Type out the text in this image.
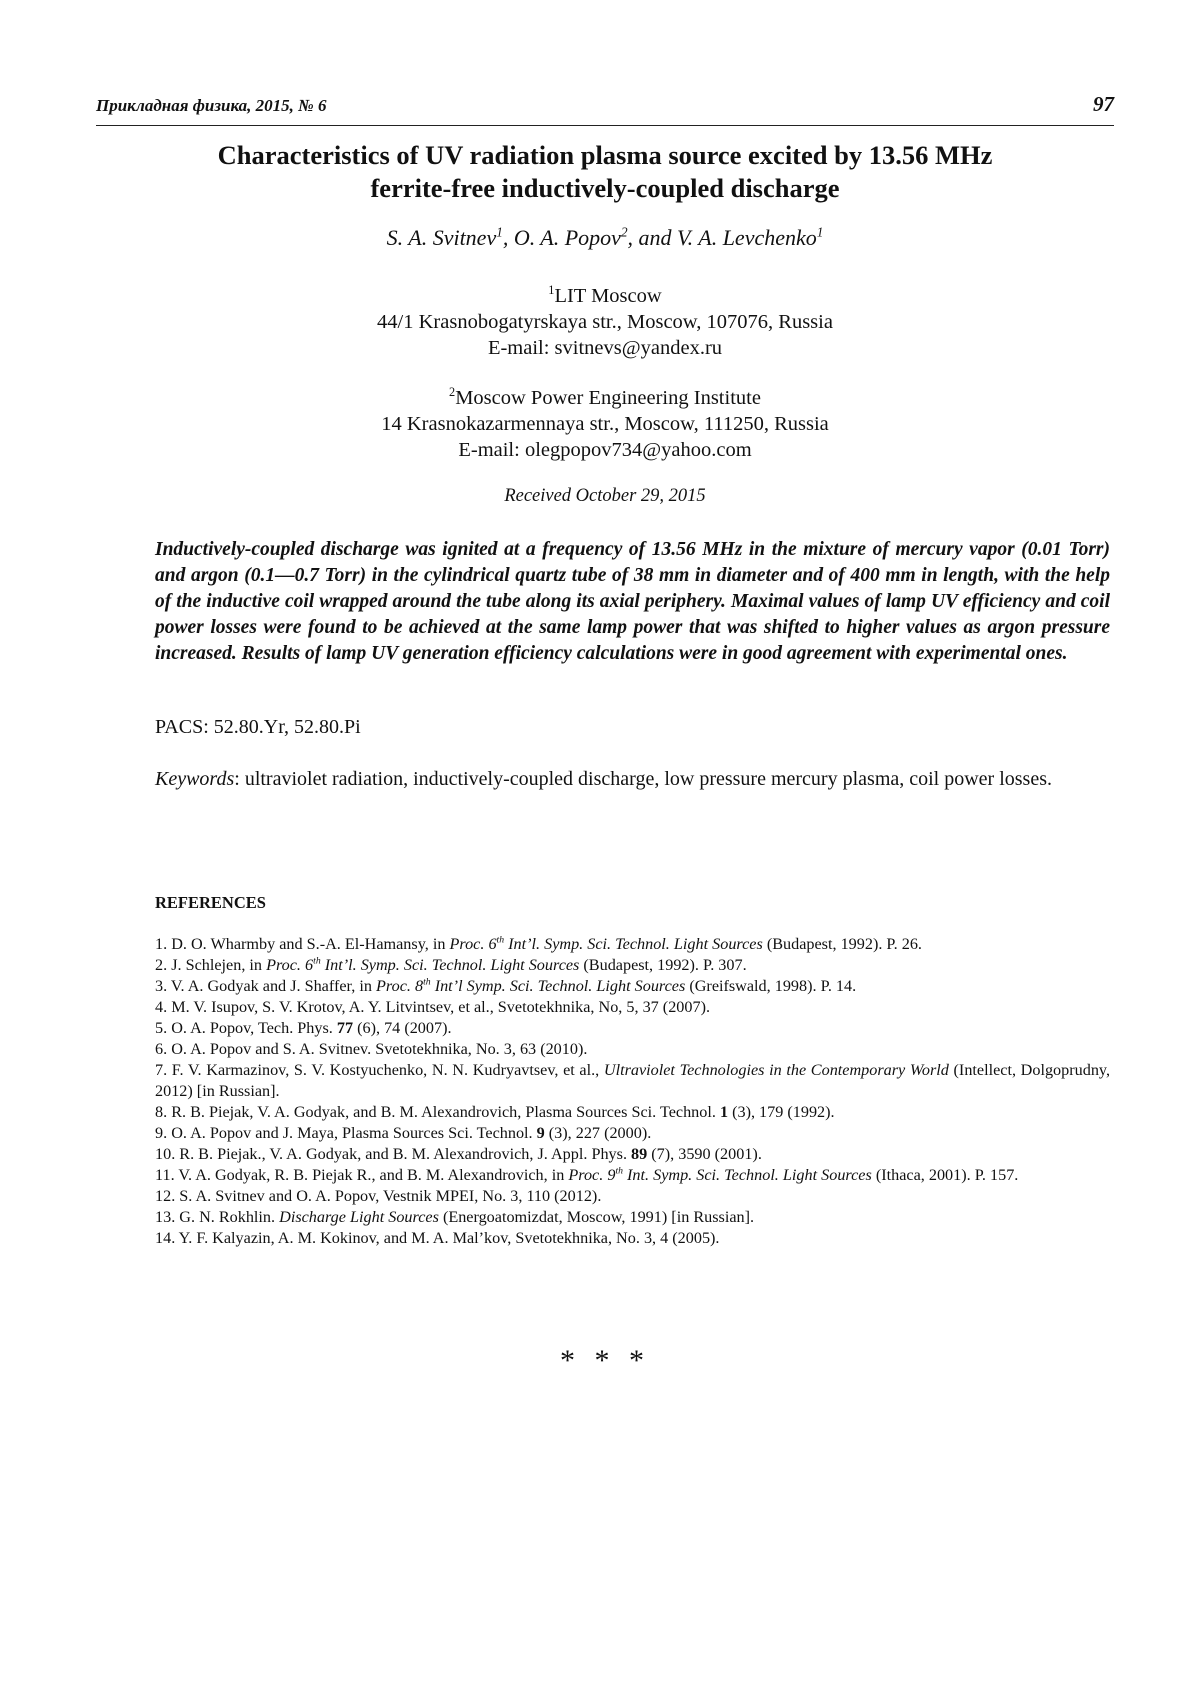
Прикладная физика, 2015, № 6	97
Characteristics of UV radiation plasma source excited by 13.56 MHz
ferrite-free inductively-coupled discharge
S. A. Svitnev$^1$, O. A. Popov$^2$, and V. A. Levchenko$^1$
$^1$LIT Moscow
44/1 Krasnobogatyrskaya str., Moscow, 107076, Russia
E-mail: svitnevs@yandex.ru
$^2$Moscow Power Engineering Institute
14 Krasnokazarmennaya str., Moscow, 111250, Russia
E-mail: olegpopov734@yahoo.com
Received October 29, 2015
Inductively-coupled discharge was ignited at a frequency of 13.56 MHz in the mixture of mercury vapor (0.01 Torr) and argon (0.1—0.7 Torr) in the cylindrical quartz tube of 38 mm in diameter and of 400 mm in length, with the help of the inductive coil wrapped around the tube along its axial periphery. Maximal values of lamp UV efficiency and coil power losses were found to be achieved at the same lamp power that was shifted to higher values as argon pressure increased. Results of lamp UV generation efficiency calculations were in good agreement with experimental ones.
PACS: 52.80.Yr, 52.80.Pi
Keywords: ultraviolet radiation, inductively-coupled discharge, low pressure mercury plasma, coil power losses.
REFERENCES
1. D. O. Wharmby and S.-A. El-Hamansy, in Proc. 6th Int’l. Symp. Sci. Technol. Light Sources (Budapest, 1992). P. 26.
2. J. Schlejen, in Proc. 6th Int’l. Symp. Sci. Technol. Light Sources (Budapest, 1992). P. 307.
3. V. A. Godyak and J. Shaffer, in Proc. 8th Int’l Symp. Sci. Technol. Light Sources (Greifswald, 1998). P. 14.
4. M. V. Isupov, S. V. Krotov, A. Y. Litvintsev, et al., Svetotekhnika, No, 5, 37 (2007).
5. O. A. Popov, Tech. Phys. 77 (6), 74 (2007).
6. O. A. Popov and S. A. Svitnev. Svetotekhnika, No. 3, 63 (2010).
7. F. V. Karmazinov, S. V. Kostyuchenko, N. N. Kudryavtsev, et al., Ultraviolet Technologies in the Contemporary World (Intellect, Dolgoprudny, 2012) [in Russian].
8. R. B. Piejak, V. A. Godyak, and B. M. Alexandrovich, Plasma Sources Sci. Technol. 1 (3), 179 (1992).
9. O. A. Popov and J. Maya, Plasma Sources Sci. Technol. 9 (3), 227 (2000).
10. R. B. Piejak., V. A. Godyak, and B. M. Alexandrovich, J. Appl. Phys. 89 (7), 3590 (2001).
11. V. A. Godyak, R. B. Piejak R., and B. M. Alexandrovich, in Proc. 9th Int. Symp. Sci. Technol. Light Sources (Ithaca, 2001). P. 157.
12. S. A. Svitnev and O. A. Popov, Vestnik MPEI, No. 3, 110 (2012).
13. G. N. Rokhlin. Discharge Light Sources (Energoatomizdat, Moscow, 1991) [in Russian].
14. Y. F. Kalyazin, A. M. Kokinov, and M. A. Mal’kov, Svetotekhnika, No. 3, 4 (2005).
* * *
